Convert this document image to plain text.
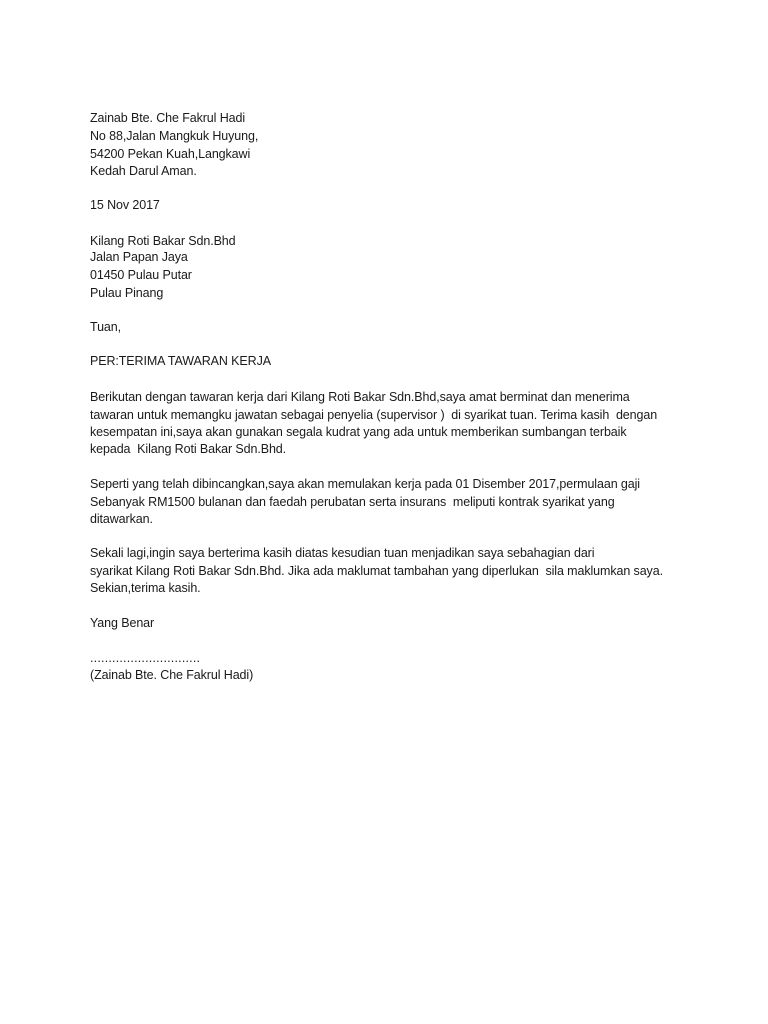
Zainab Bte. Che Fakrul Hadi

No 88,Jalan Mangkuk Huyung,

54200 Pekan Kuah,Langkawi

Kedah Darul Aman.

15 Nov 2017

Kilang Roti Bakar Sdn.Bhd

Jalan Papan Jaya

01450 Pulau Putar

Pulau Pinang

Tuan,

PER:TERIMA TAWARAN KERJA

Berikutan dengan tawaran kerja dari Kilang Roti Bakar Sdn.Bhd,saya amat berminat dan menerima

tawaran untuk memangku jawatan sebagai penyelia (supervisor )  di syarikat tuan. Terima kasih  dengan

kesempatan ini,saya akan gunakan segala kudrat yang ada untuk memberikan sumbangan terbaik

kepada  Kilang Roti Bakar Sdn.Bhd.

Seperti yang telah dibincangkan,saya akan memulakan kerja pada 01 Disember 2017,permulaan gaji

Sebanyak RM1500 bulanan dan faedah perubatan serta insurans  meliputi kontrak syarikat yang

ditawarkan.

Sekali lagi,ingin saya berterima kasih diatas kesudian tuan menjadikan saya sebahagian dari

syarikat Kilang Roti Bakar Sdn.Bhd. Jika ada maklumat tambahan yang diperlukan  sila maklumkan saya.

Sekian,terima kasih.

Yang Benar

..............................

(Zainab Bte. Che Fakrul Hadi)
